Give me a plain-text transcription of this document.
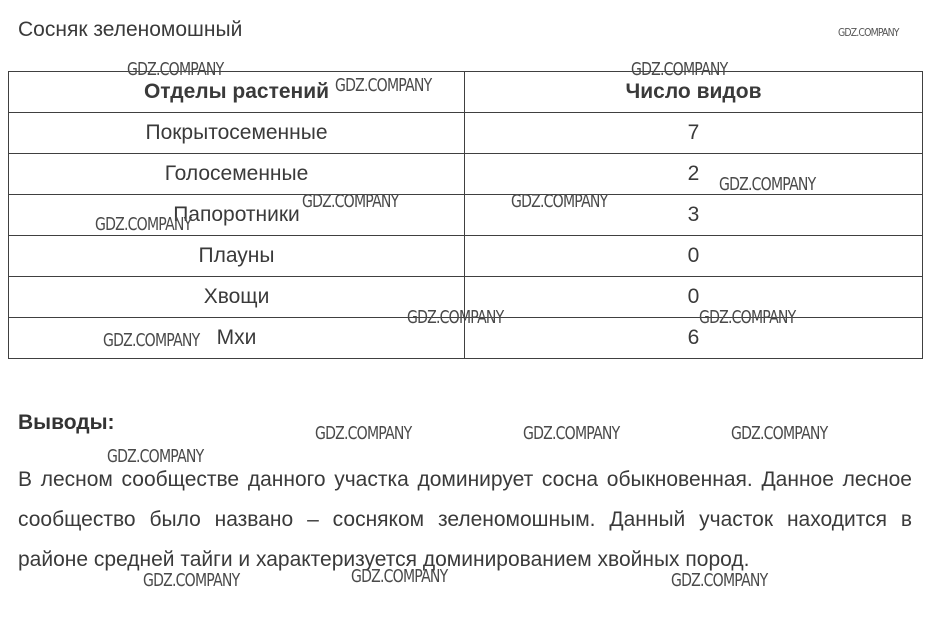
Сосняк зеленомошный
Отделы растений	Число видов
Покрытосеменные	7
Голосеменные	2
Папоротники	3
Плауны	0
Хвощи	0
Мхи	6
Выводы:
В лесном сообществе данного участка доминирует сосна обыкновенная. Данное лесное сообщество было названо – сосняком зеленомошным. Данный участок находится в районе средней тайги и характеризуется доминированием хвойных пород.
GDZ.COMPANY
GDZ.COMPANY
GDZ.COMPANY
GDZ.COMPANY
GDZ.COMPANY
GDZ.COMPANY	GDZ.COMPANY
GDZ.COMPANY
GDZ.COMPANY	GDZ.COMPANY
GDZ.COMPANY
GDZ.COMPANY	GDZ.COMPANY	GDZ.COMPANY
GDZ.COMPANY
GDZ.COMPANY	GDZ.COMPANY	GDZ.COMPANY
